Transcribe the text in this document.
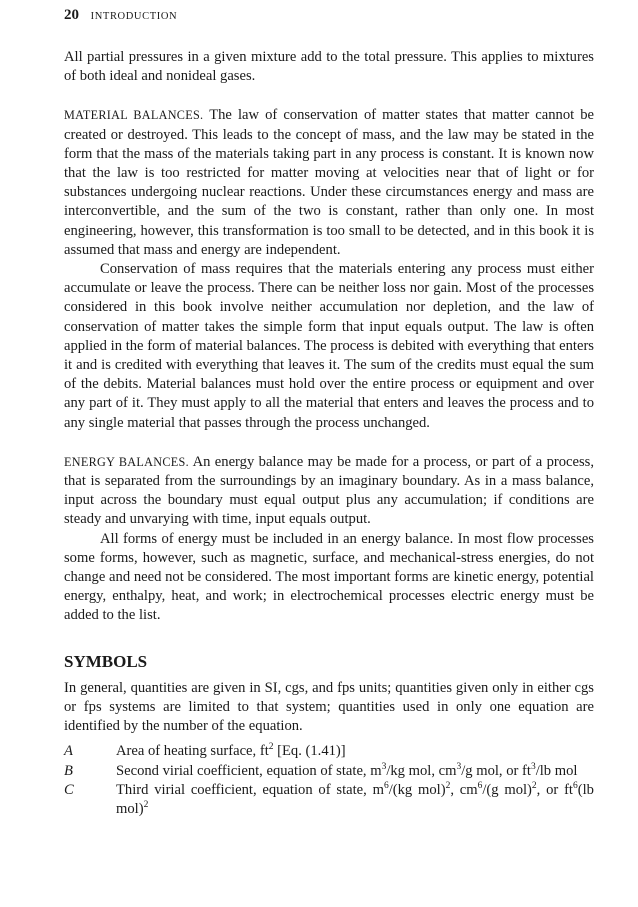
20 INTRODUCTION

All partial pressures in a given mixture add to the total pressure. This applies to mixtures of both ideal and nonideal gases.

MATERIAL BALANCES. The law of conservation of matter states that matter cannot be created or destroyed. This leads to the concept of mass, and the law may be stated in the form that the mass of the materials taking part in any process is constant. It is known now that the law is too restricted for matter moving at velocities near that of light or for substances undergoing nuclear reactions. Under these circumstances energy and mass are interconvertible, and the sum of the two is constant, rather than only one. In most engineering, however, this transformation is too small to be detected, and in this book it is assumed that mass and energy are independent.

Conservation of mass requires that the materials entering any process must either accumulate or leave the process. There can be neither loss nor gain. Most of the processes considered in this book involve neither accumulation nor depletion, and the law of conservation of matter takes the simple form that input equals output. The law is often applied in the form of material balances. The process is debited with everything that enters it and is credited with everything that leaves it. The sum of the credits must equal the sum of the debits. Material balances must hold over the entire process or equipment and over any part of it. They must apply to all the material that enters and leaves the process and to any single material that passes through the process unchanged.

ENERGY BALANCES. An energy balance may be made for a process, or part of a process, that is separated from the surroundings by an imaginary boundary. As in a mass balance, input across the boundary must equal output plus any accumulation; if conditions are steady and unvarying with time, input equals output.

All forms of energy must be included in an energy balance. In most flow processes some forms, however, such as magnetic, surface, and mechanical-stress energies, do not change and need not be considered. The most important forms are kinetic energy, potential energy, enthalpy, heat, and work; in electrochemical processes electric energy must be added to the list.

SYMBOLS

In general, quantities are given in SI, cgs, and fps units; quantities given only in either cgs or fps systems are limited to that system; quantities used in only one equation are identified by the number of the equation.

A	Area of heating surface, $ft^2$ [Eq. (1.41)]
B	Second virial coefficient, equation of state, $m^3/kg$ mol, $cm^3/g$ mol, or $ft^3/lb$ mol
C	Third virial coefficient, equation of state, $m^6/(kg$ mol)$^2$, $cm^6/(g$ mol)$^2$, or $ft^6(lb$ mol)$^2$
